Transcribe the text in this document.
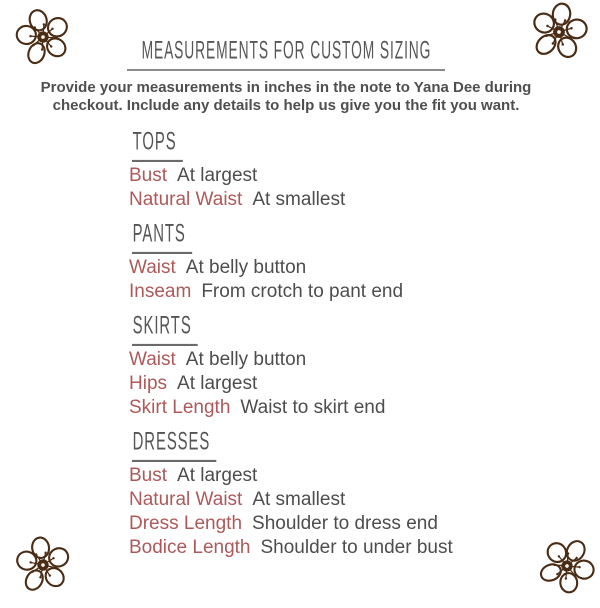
MEASUREMENTS FOR CUSTOM SIZING
Provide your measurements in inches in the note to Yana Dee during
checkout. Include any details to help us give you the fit you want.
TOPS
Bust At largest
Natural Waist At smallest
PANTS
Waist At belly button
Inseam From crotch to pant end
SKIRTS
Waist At belly button
Hips At largest
Skirt Length Waist to skirt end
DRESSES
Bust At largest
Natural Waist At smallest
Dress Length Shoulder to dress end
Bodice Length Shoulder to under bust
